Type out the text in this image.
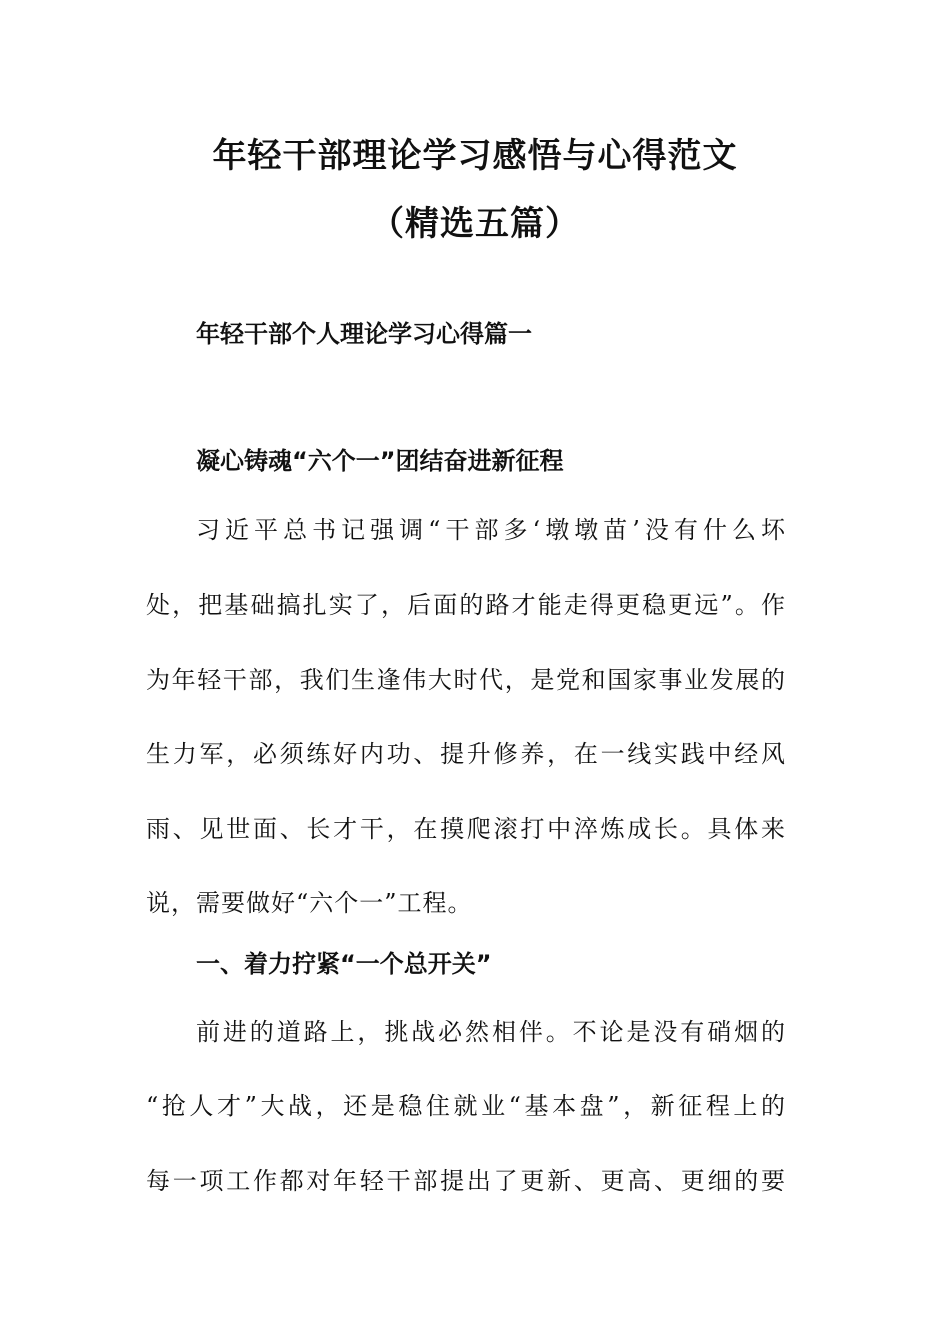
年轻干部理论学习感悟与心得范文
（精选五篇）
年轻干部个人理论学习心得篇一
凝心铸魂“六个一”团结奋进新征程
习近平总书记强调“干部多‘墩墩苗’没有什么坏
处，把基础搞扎实了，后面的路才能走得更稳更远”。作
为年轻干部，我们生逢伟大时代，是党和国家事业发展的
生力军，必须练好内功、提升修养，在一线实践中经风
雨、见世面、长才干，在摸爬滚打中淬炼成长。具体来
说，需要做好“六个一”工程。
一、着力拧紧“一个总开关”
前进的道路上，挑战必然相伴。不论是没有硝烟的
“抢人才”大战，还是稳住就业“基本盘”，新征程上的
每一项工作都对年轻干部提出了更新、更高、更细的要
